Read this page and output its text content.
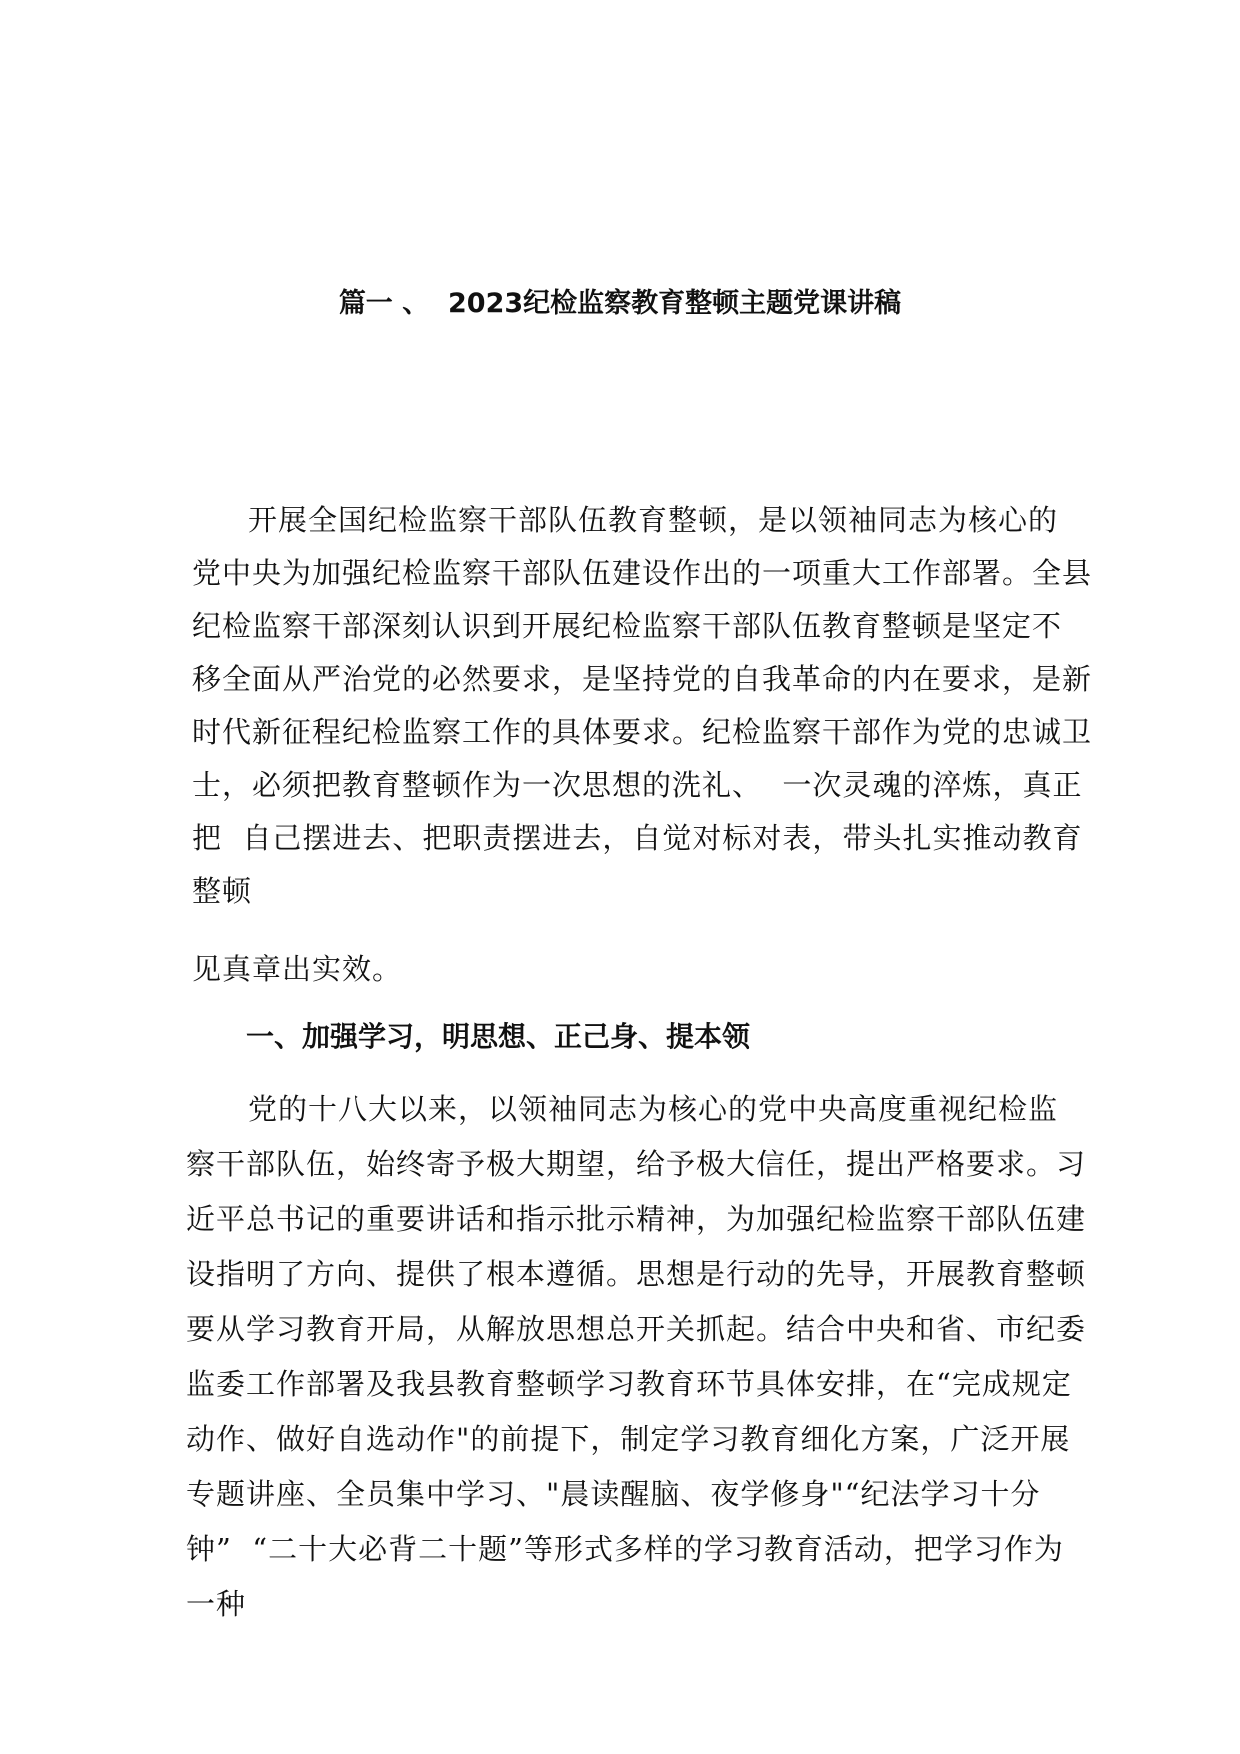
篇一 、  2023纪检监察教育整顿主题党课讲稿
开展全国纪检监察干部队伍教育整顿，是以领袖同志为核心的
党中央为加强纪检监察干部队伍建设作出的一项重大工作部署。全县
纪检监察干部深刻认识到开展纪检监察干部队伍教育整顿是坚定不
移全面从严治党的必然要求，是坚持党的自我革命的内在要求，是新
时代新征程纪检监察工作的具体要求。纪检监察干部作为党的忠诚卫
士，必须把教育整顿作为一次思想的洗礼、  一次灵魂的淬炼，真正
把  自己摆进去、把职责摆进去，自觉对标对表，带头扎实推动教育
整顿
见真章出实效。
一、加强学习，明思想、正己身、提本领
党的十八大以来，以领袖同志为核心的党中央高度重视纪检监
察干部队伍，始终寄予极大期望，给予极大信任，提出严格要求。习
近平总书记的重要讲话和指示批示精神，为加强纪检监察干部队伍建
设指明了方向、提供了根本遵循。思想是行动的先导，开展教育整顿
要从学习教育开局，从解放思想总开关抓起。结合中央和省、市纪委
监委工作部署及我县教育整顿学习教育环节具体安排，在“完成规定
动作、做好自选动作"的前提下，制定学习教育细化方案，广泛开展
专题讲座、全员集中学习、"晨读醒脑、夜学修身"“纪法学习十分
钟”  “二十大必背二十题”等形式多样的学习教育活动，把学习作为
一种
